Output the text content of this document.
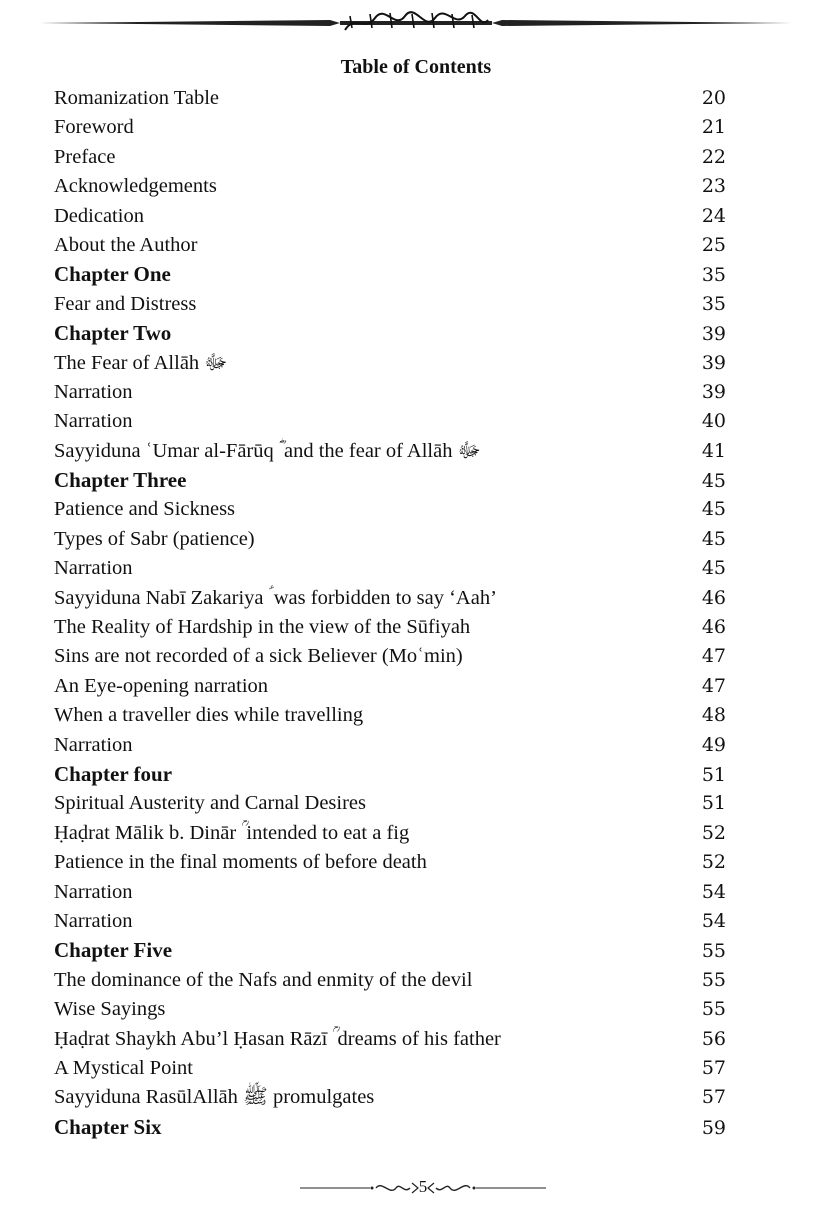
Table of Contents
Romanization Table	20
Foreword	21
Preface	22
Acknowledgements	23
Dedication	24
About the Author	25
Chapter One	35
Fear and Distress	35
Chapter Two	39
The Fear of Allāh ﷻ	39
Narration	39
Narration	40
Sayyiduna ʿUmar al-Fārūq ؓ and the fear of Allāh ﷻ	41
Chapter Three	45
Patience and Sickness	45
Types of Sabr (patience)	45
Narration	45
Sayyiduna Nabī Zakariya ؑ was forbidden to say ‘Aah’	46
The Reality of Hardship in the view of the Sūfiyah	46
Sins are not recorded of a sick Believer (Moʿmin)	47
An Eye-opening narration	47
When a traveller dies while travelling	48
Narration	49
Chapter four	51
Spiritual Austerity and Carnal Desires	51
Ḥaḍrat Mālik b. Dinār ؒ intended to eat a fig	52
Patience in the final moments of before death	52
Narration	54
Narration	54
Chapter Five	55
The dominance of the Nafs and enmity of the devil	55
Wise Sayings	55
Ḥaḍrat Shaykh Abu’l Ḥasan Rāzī ؒ dreams of his father	56
A Mystical Point	57
Sayyiduna RasūlAllāh ﷺ promulgates	57
Chapter Six	59
5
